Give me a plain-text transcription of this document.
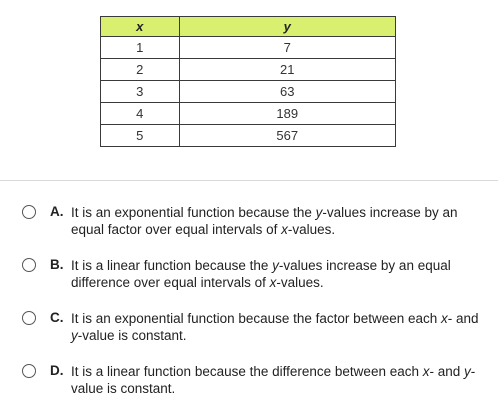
x	y
1	7
2	21
3	63
4	189
5	567
A. It is an exponential function because the y-values increase by an equal factor over equal intervals of x-values.
B. It is a linear function because the y-values increase by an equal difference over equal intervals of x-values.
C. It is an exponential function because the factor between each x- and y-value is constant.
D. It is a linear function because the difference between each x- and y-value is constant.
